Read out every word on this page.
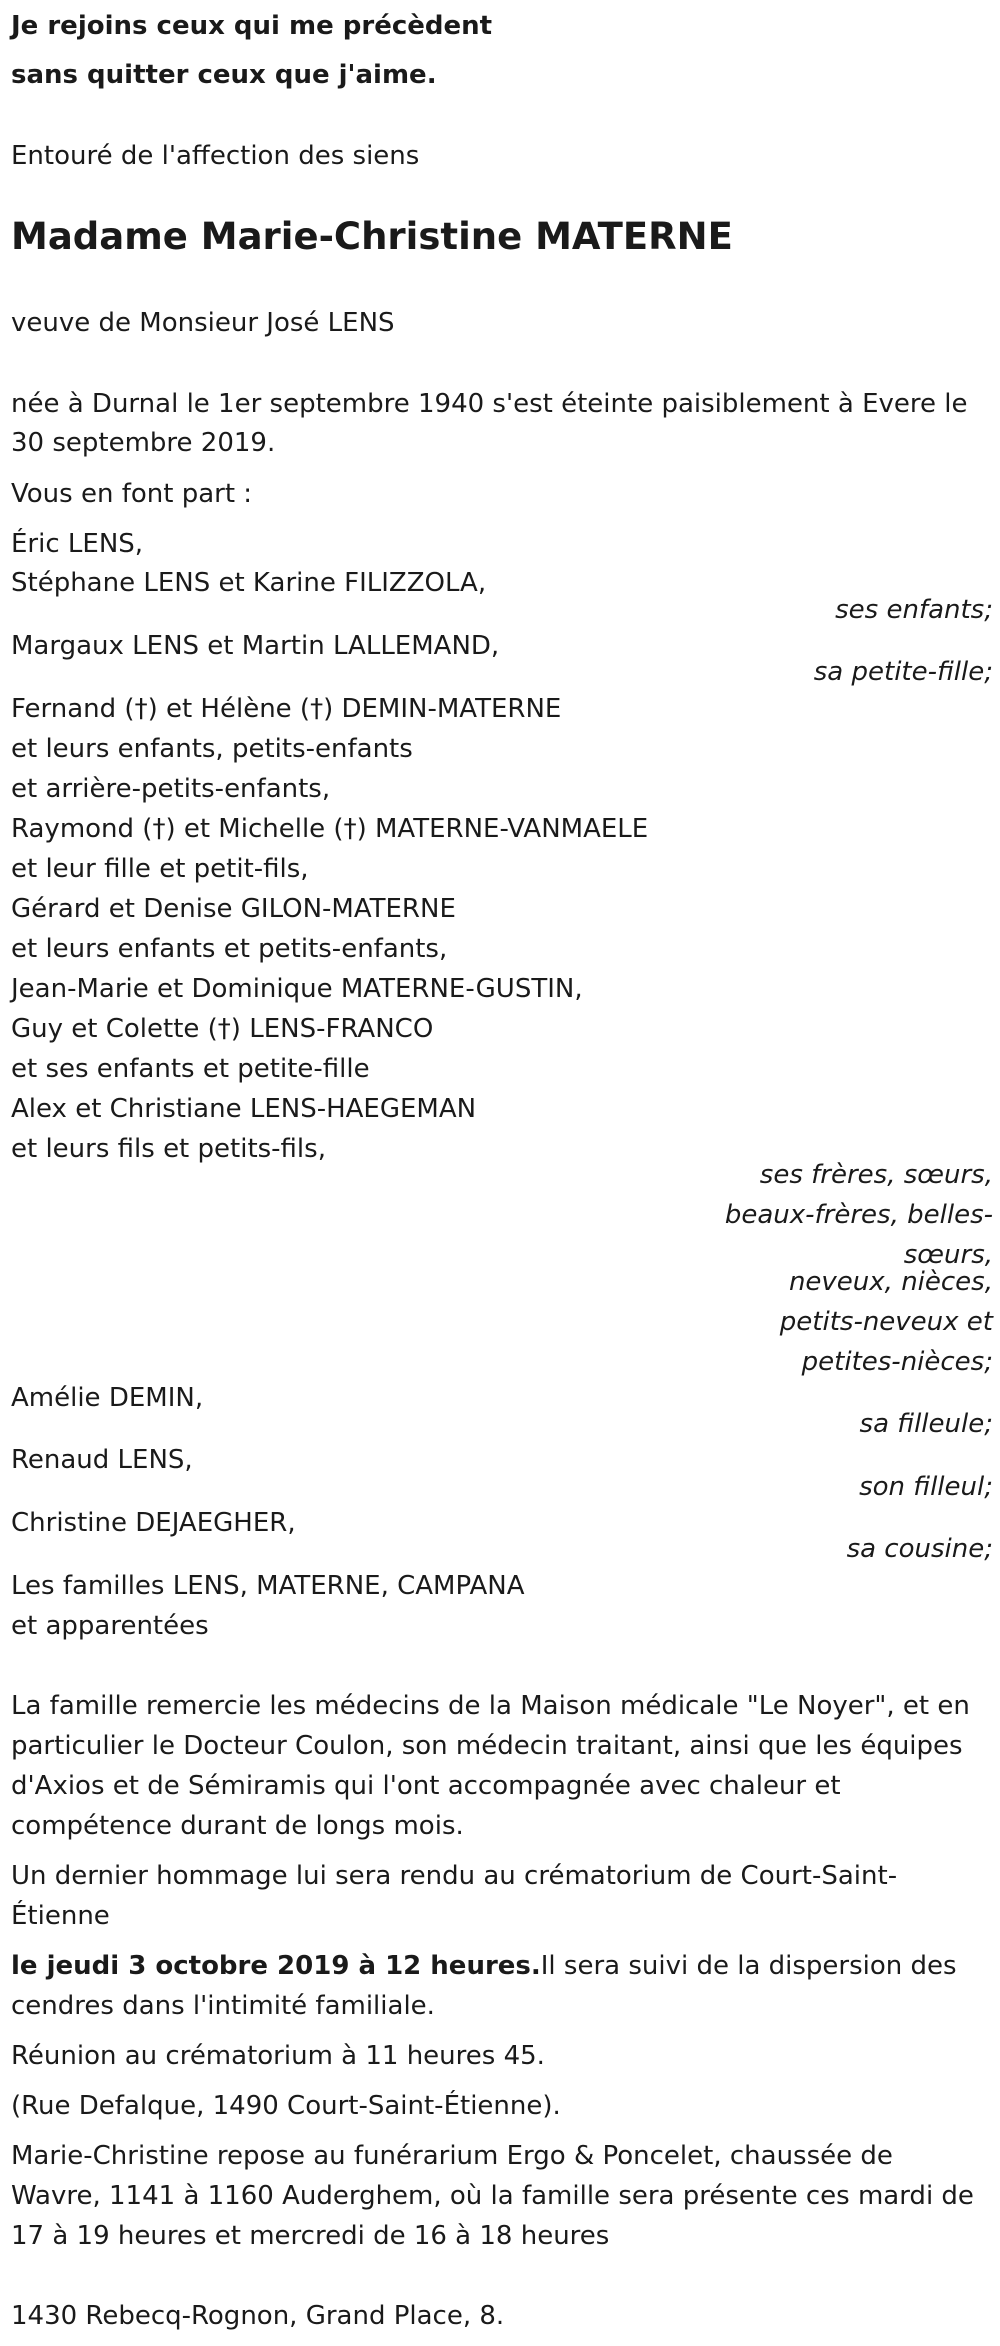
Je rejoins ceux qui me précèdent
sans quitter ceux que j'aime.
Entouré de l'affection des siens
Madame Marie-Christine MATERNE
veuve de Monsieur José LENS
née à Durnal le 1er septembre 1940 s'est éteinte paisiblement à Evere le
30 septembre 2019.
Vous en font part :
Éric LENS,
Stéphane LENS et Karine FILIZZOLA,
ses enfants;
Margaux LENS et Martin LALLEMAND,
sa petite-fille;
Fernand (†) et Hélène (†) DEMIN-MATERNE
et leurs enfants, petits-enfants
et arrière-petits-enfants,
Raymond (†) et Michelle (†) MATERNE-VANMAELE
et leur fille et petit-fils,
Gérard et Denise GILON-MATERNE
et leurs enfants et petits-enfants,
Jean-Marie et Dominique MATERNE-GUSTIN,
Guy et Colette (†) LENS-FRANCO
et ses enfants et petite-fille
Alex et Christiane LENS-HAEGEMAN
et leurs fils et petits-fils,
ses frères, sœurs,
beaux-frères, belles-
sœurs,
neveux, nièces,
petits-neveux et
petites-nièces;
Amélie DEMIN,
sa filleule;
Renaud LENS,
son filleul;
Christine DEJAEGHER,
sa cousine;
Les familles LENS, MATERNE, CAMPANA
et apparentées
La famille remercie les médecins de la Maison médicale "Le Noyer", et en
particulier le Docteur Coulon, son médecin traitant, ainsi que les équipes
d'Axios et de Sémiramis qui l'ont accompagnée avec chaleur et
compétence durant de longs mois.
Un dernier hommage lui sera rendu au crématorium de Court-Saint-
Étienne
le jeudi 3 octobre 2019 à 12 heures.Il sera suivi de la dispersion des
cendres dans l'intimité familiale.
Réunion au crématorium à 11 heures 45.
(Rue Defalque, 1490 Court-Saint-Étienne).
Marie-Christine repose au funérarium Ergo & Poncelet, chaussée de
Wavre, 1141 à 1160 Auderghem, où la famille sera présente ces mardi de
17 à 19 heures et mercredi de 16 à 18 heures
1430 Rebecq-Rognon, Grand Place, 8.
